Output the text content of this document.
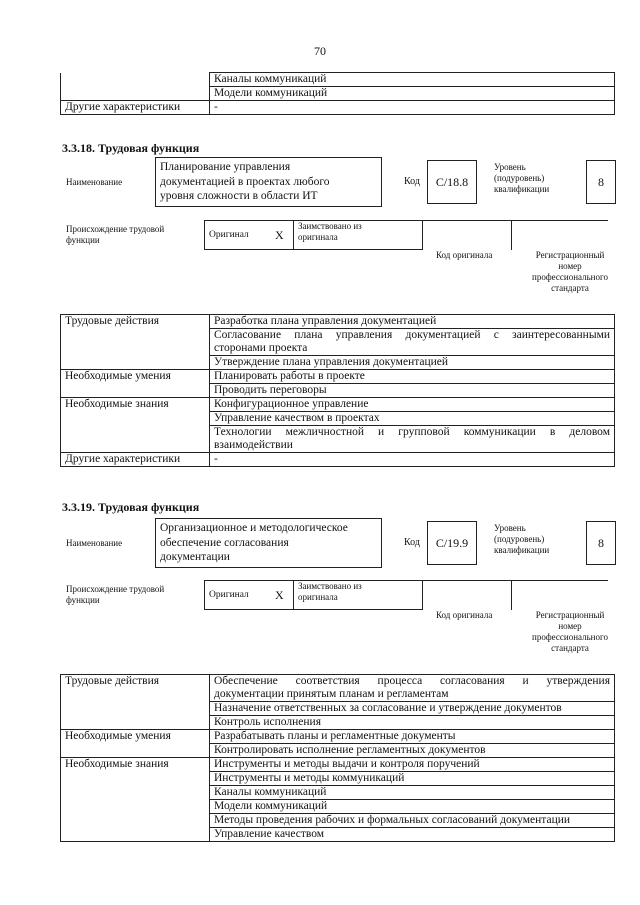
70
	Каналы коммуникаций
	Модели коммуникаций
Другие характеристики	-
3.3.18. Трудовая функция
Наименование
Планирование управления
документацией в проектах любого
уровня сложности в области ИТ
Код	C/18.8
Уровень
(подуровень)
квалификации
8
Происхождение трудовой
функции
Оригинал	X	
Заимствовано из
оригинала

Код оригинала	Регистрационный
номер
профессионального
стандарта
Трудовые действия	Разработка плана управления документацией

	Согласование плана управления документацией с заинтересованными
сторонами проекта

	Утверждение плана управления документацией
Необходимые умения	Планировать работы в проекте
	Проводить переговоры
Необходимые знания	Конфигурационное управление
	Управление качеством в проектах

	Технологии межличностной и групповой коммуникации в деловом
взаимодействии

Другие характеристики	-
3.3.19. Трудовая функция
Наименование
Организационное и методологическое
обеспечение согласования
документации
Код	C/19.9
Уровень
(подуровень)
квалификации
8
Происхождение трудовой
функции
Оригинал	X	
Заимствовано из
оригинала

Код оригинала	Регистрационный
номер
профессионального
стандарта
Трудовые действия	Обеспечение соответствия процесса согласования и утверждения
документации принятым планам и регламентам

	Назначение ответственных за согласование и утверждение документов
	Контроль исполнения
Необходимые умения	Разрабатывать планы и регламентные документы
	Контролировать исполнение регламентных документов
Необходимые знания	Инструменты и методы выдачи и контроля поручений
	Инструменты и методы коммуникаций
	Каналы коммуникаций
	Модели коммуникаций
	Методы проведения рабочих и формальных согласований документации
	Управление качеством
